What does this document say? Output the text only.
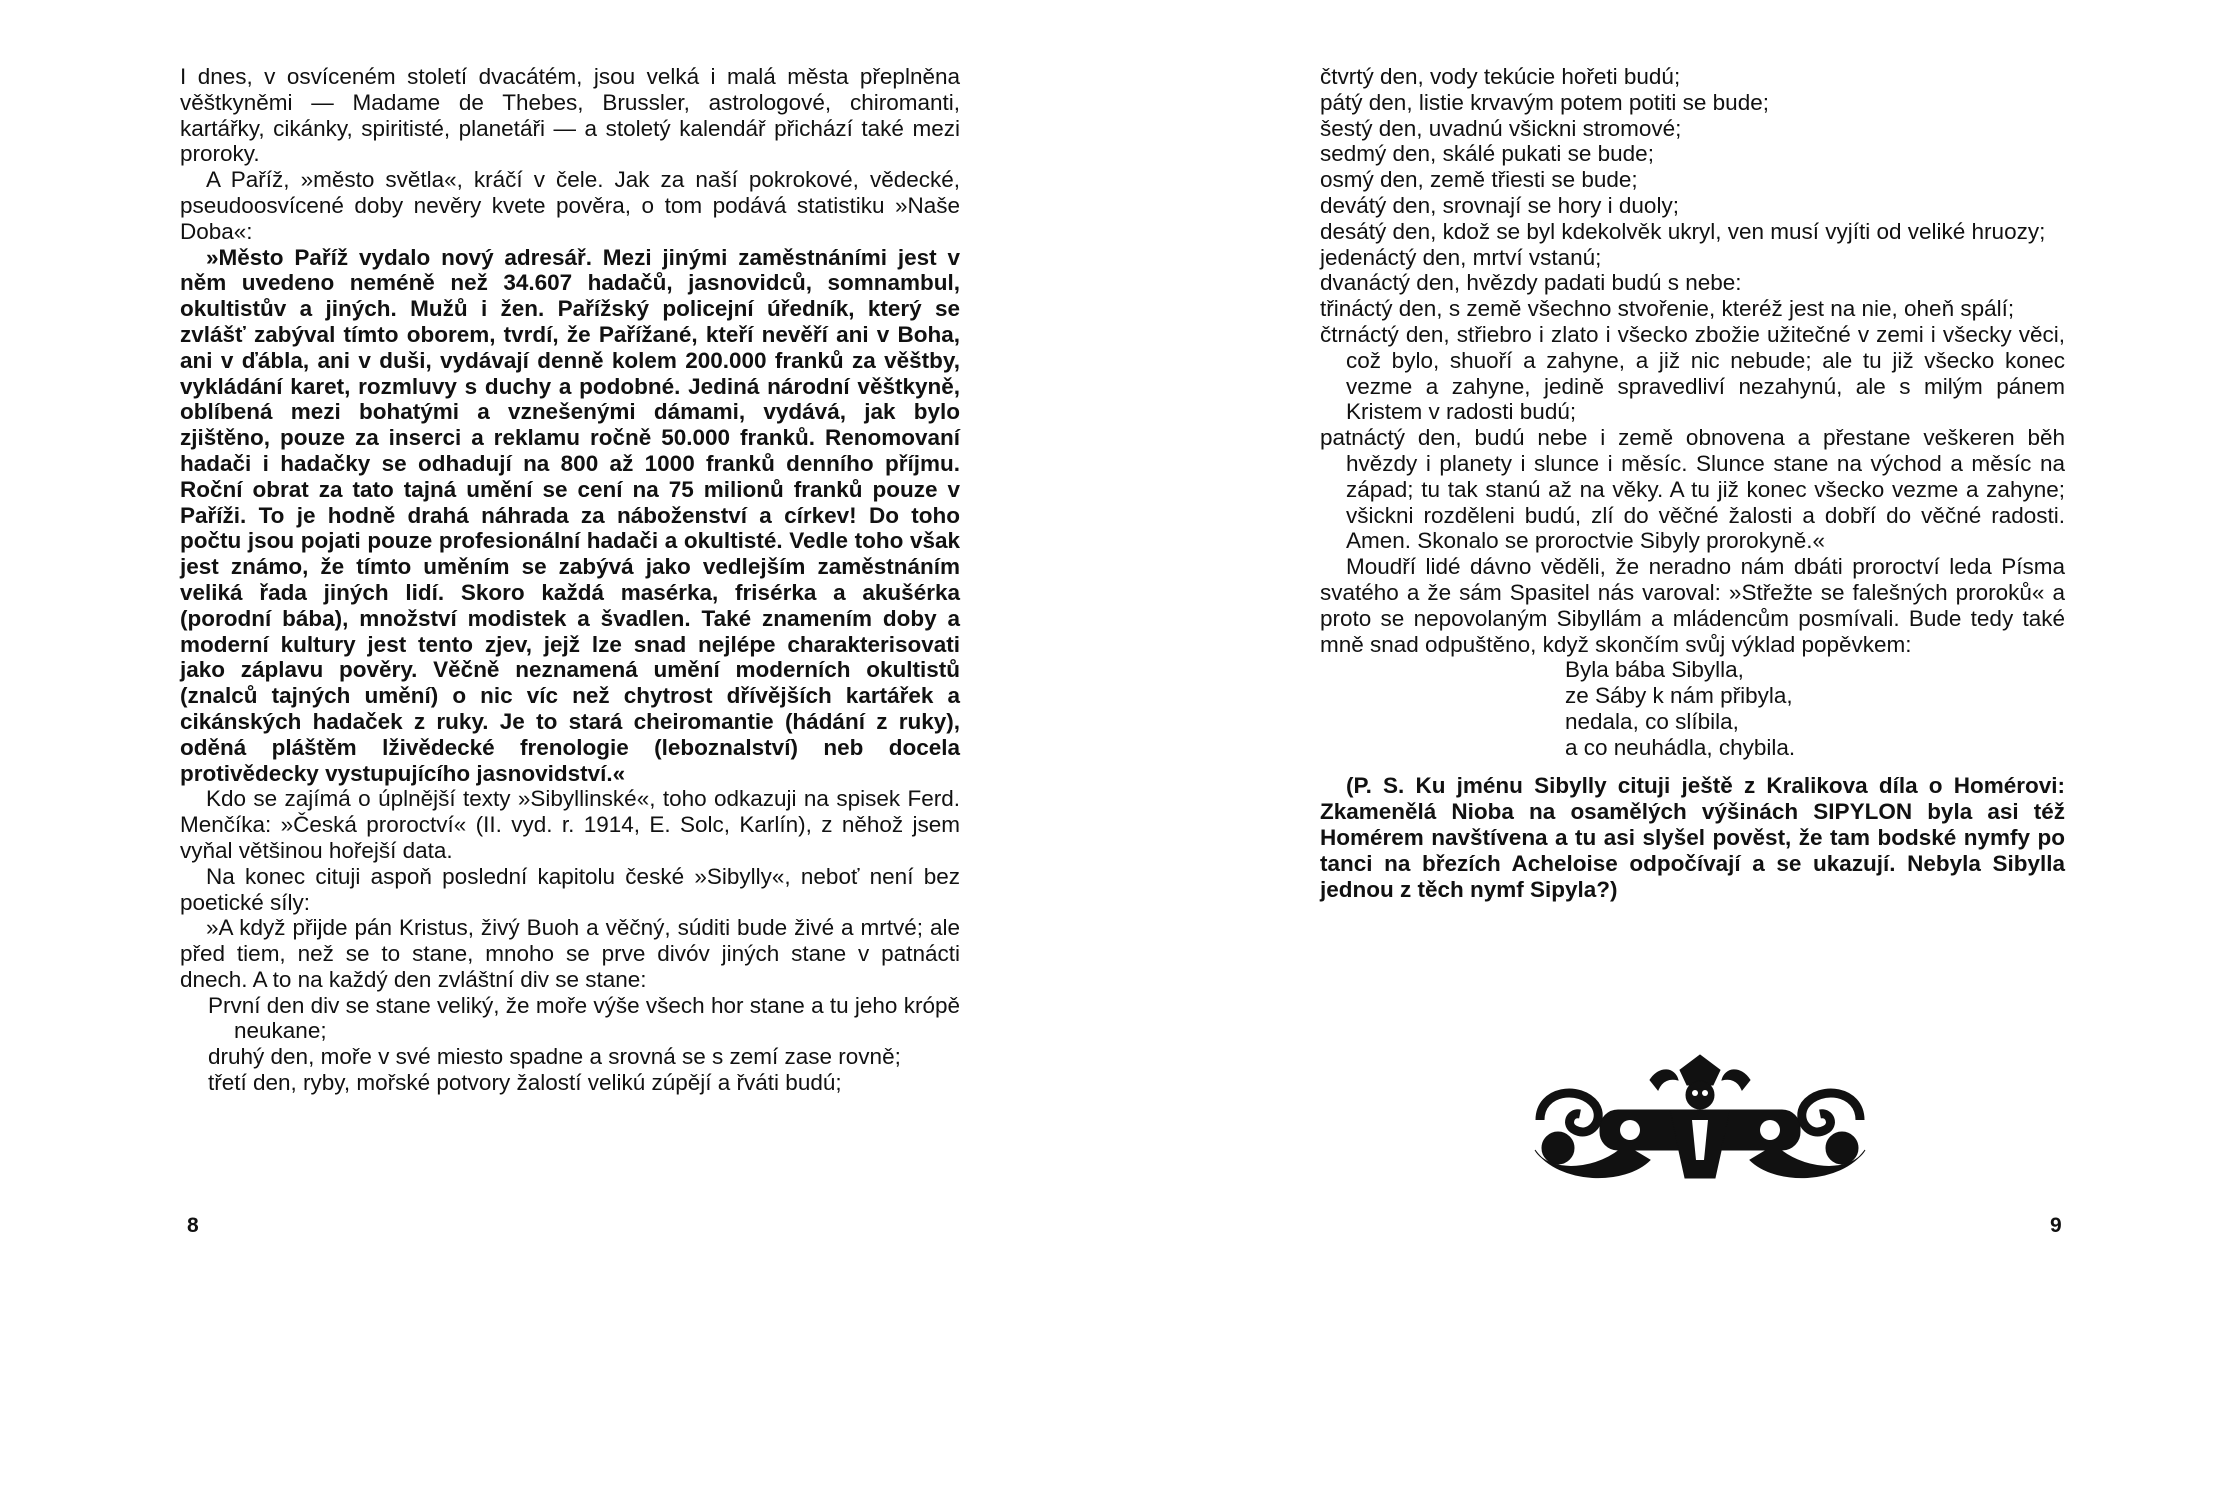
I dnes, v osvíceném století dvacátém, jsou velká i malá města přeplněna věštkyněmi — Madame de Thebes, Brussler, astrologové, chiromanti, kartářky, cikánky, spiritisté, planetáři — a stoletý kalendář přichází také mezi proroky.

A Paříž, »město světla«, kráčí v čele. Jak za naší pokrokové, vědecké, pseudoosvícené doby nevěry kvete pověra, o tom podává statistiku »Naše Doba«:

»Město Paříž vydalo nový adresář. Mezi jinými zaměstnáními jest v něm uvedeno neméně než 34.607 hadačů, jasnovidců, somnambul, okultistův a jiných. Mužů i žen. Pařížský policejní úředník, který se zvlášť zabýval tímto oborem, tvrdí, že Pařížané, kteří nevěří ani v Boha, ani v ďábla, ani v duši, vydávají denně kolem 200.000 franků za věštby, vykládání karet, rozmluvy s duchy a podobné. Jediná národní věštkyně, oblíbená mezi bohatými a vznešenými dámami, vydává, jak bylo zjištěno, pouze za inserci a reklamu ročně 50.000 franků. Renomovaní hadači i hadačky se odhadují na 800 až 1000 franků denního příjmu. Roční obrat za tato tajná umění se cení na 75 milionů franků pouze v Paříži. To je hodně drahá náhrada za náboženství a církev! Do toho počtu jsou pojati pouze profesionální hadači a okultisté. Vedle toho však jest známo, že tímto uměním se zabývá jako vedlejším zaměstnáním veliká řada jiných lidí. Skoro každá masérka, frisérka a akušérka (porodní bába), množství modistek a švadlen. Také znamením doby a moderní kultury jest tento zjev, jejž lze snad nejlépe charakterisovati jako záplavu pověry. Věčně neznamená umění moderních okultistů (znalců tajných umění) o nic víc než chytrost dřívějších kartářek a cikánských hadaček z ruky. Je to stará cheiromantie (hádání z ruky), oděná pláštěm lživědecké frenologie (leboznalství) neb docela protivědecky vystupujícího jasnovidství.«

Kdo se zajímá o úplnější texty »Sibyllinské«, toho odkazuji na spisek Ferd. Menčíka: »Česká proroctví« (II. vyd. r. 1914, E. Solc, Karlín), z něhož jsem vyňal většinou hořejší data.

Na konec cituji aspoň poslední kapitolu české »Sibylly«, neboť není bez poetické síly:

»A když přijde pán Kristus, živý Buoh a věčný, súditi bude živé a mrtvé; ale před tiem, než se to stane, mnoho se prve divóv jiných stane v patnácti dnech. A to na každý den zvláštní div se stane:

První den div se stane veliký, že moře výše všech hor stane a tu jeho krópě neukane;
druhý den, moře v své miesto spadne a srovná se s zemí zase rovně;
třetí den, ryby, mořské potvory žalostí velikú zúpějí a řváti budú;
8
čtvrtý den, vody tekúcie hořeti budú;
pátý den, listie krvavým potem potiti se bude;
šestý den, uvadnú všickni stromové;
sedmý den, skálé pukati se bude;
osmý den, země třiesti se bude;
devátý den, srovnají se hory i duoly;
desátý den, kdož se byl kdekolvěk ukryl, ven musí vyjíti od veliké hruozy;
jedenáctý den, mrtví vstanú;
dvanáctý den, hvězdy padati budú s nebe:
třináctý den, s země všechno stvořenie, kteréž jest na nie, oheň spálí;
čtrnáctý den, střiebro i zlato i všecko zbožie užitečné v zemi i všecky věci, což bylo, shuoří a zahyne, a již nic nebude; ale tu již všecko konec vezme a zahyne, jedině spravedliví nezahynú, ale s milým pánem Kristem v radosti budú;
patnáctý den, budú nebe i země obnovena a přestane veškeren běh hvězdy i planety i slunce i měsíc. Slunce stane na východ a měsíc na západ; tu tak stanú až na věky. A tu již konec všecko vezme a zahyne; všickni rozděleni budú, zlí do věčné žalosti a dobří do věčné radosti. Amen. Skonalo se proroctvie Sibyly prorokyně.«

Moudří lidé dávno věděli, že neradno nám dbáti proroctví leda Písma svatého a že sám Spasitel nás varoval: »Střežte se falešných proroků« a proto se nepovolaným Sibyllám a mládencům posmívali. Bude tedy také mně snad odpuštěno, když skončím svůj výklad popěvkem:

Byla bába Sibylla,
ze Sáby k nám přibyla,
nedala, co slíbila,
a co neuhádla, chybila.

(P. S. Ku jménu Sibylly cituji ještě z Kralikova díla o Homérovi: Zkamenělá Nioba na osamělých výšinách SIPYLON byla asi též Homérem navštívena a tu asi slyšel pověst, že tam bodské nymfy po tanci na březích Acheloise odpočívají a se ukazují. Nebyla Sibylla jednou z těch nymf Sipyla?)

9
